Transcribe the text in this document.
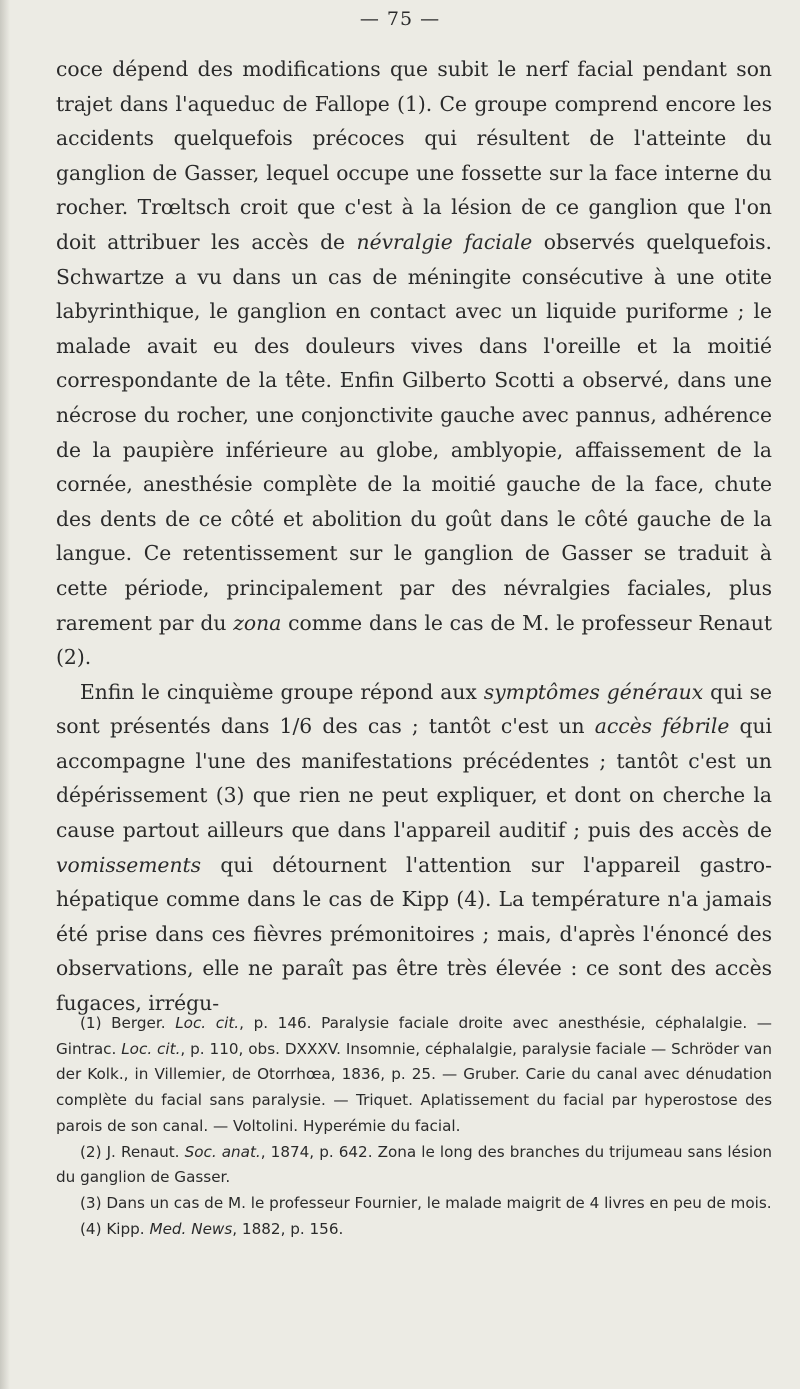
— 75 —

coce dépend des modifications que subit le nerf facial pendant son trajet dans l'aqueduc de Fallope (1). Ce groupe comprend encore les accidents quelquefois précoces qui résultent de l'atteinte du ganglion de Gasser, lequel occupe une fossette sur la face interne du rocher. Trœltsch croit que c'est à la lésion de ce ganglion que l'on doit attribuer les accès de névralgie faciale observés quelquefois. Schwartze a vu dans un cas de méningite consécutive à une otite labyrinthique, le ganglion en contact avec un liquide puriforme ; le malade avait eu des douleurs vives dans l'oreille et la moitié correspondante de la tête. Enfin Gilberto Scotti a observé, dans une nécrose du rocher, une conjonctivite gauche avec pannus, adhérence de la paupière inférieure au globe, amblyopie, affaissement de la cornée, anesthésie complète de la moitié gauche de la face, chute des dents de ce côté et abolition du goût dans le côté gauche de la langue. Ce retentissement sur le ganglion de Gasser se traduit à cette période, principalement par des névralgies faciales, plus rarement par du zona comme dans le cas de M. le professeur Renaut (2).

Enfin le cinquième groupe répond aux symptômes généraux qui se sont présentés dans 1/6 des cas ; tantôt c'est un accès fébrile qui accompagne l'une des manifestations précédentes ; tantôt c'est un dépérissement (3) que rien ne peut expliquer, et dont on cherche la cause partout ailleurs que dans l'appareil auditif ; puis des accès de vomissements qui détournent l'attention sur l'appareil gastro-hépatique comme dans le cas de Kipp (4). La température n'a jamais été prise dans ces fièvres prémonitoires ; mais, d'après l'énoncé des observations, elle ne paraît pas être très élevée : ce sont des accès fugaces, irrégu-

(1) Berger. Loc. cit., p. 146. Paralysie faciale droite avec anesthésie, céphalalgie. — Gintrac. Loc. cit., p. 110, obs. DXXXV. Insomnie, céphalalgie, paralysie faciale — Schröder van der Kolk., in Villemier, de Otorrhœa, 1836, p. 25. — Gruber. Carie du canal avec dénudation complète du facial sans paralysie. — Triquet. Aplatissement du facial par hyperostose des parois de son canal. — Voltolini. Hyperémie du facial.

(2) J. Renaut. Soc. anat., 1874, p. 642. Zona le long des branches du trijumeau sans lésion du ganglion de Gasser.

(3) Dans un cas de M. le professeur Fournier, le malade maigrit de 4 livres en peu de mois.

(4) Kipp. Med. News, 1882, p. 156.
